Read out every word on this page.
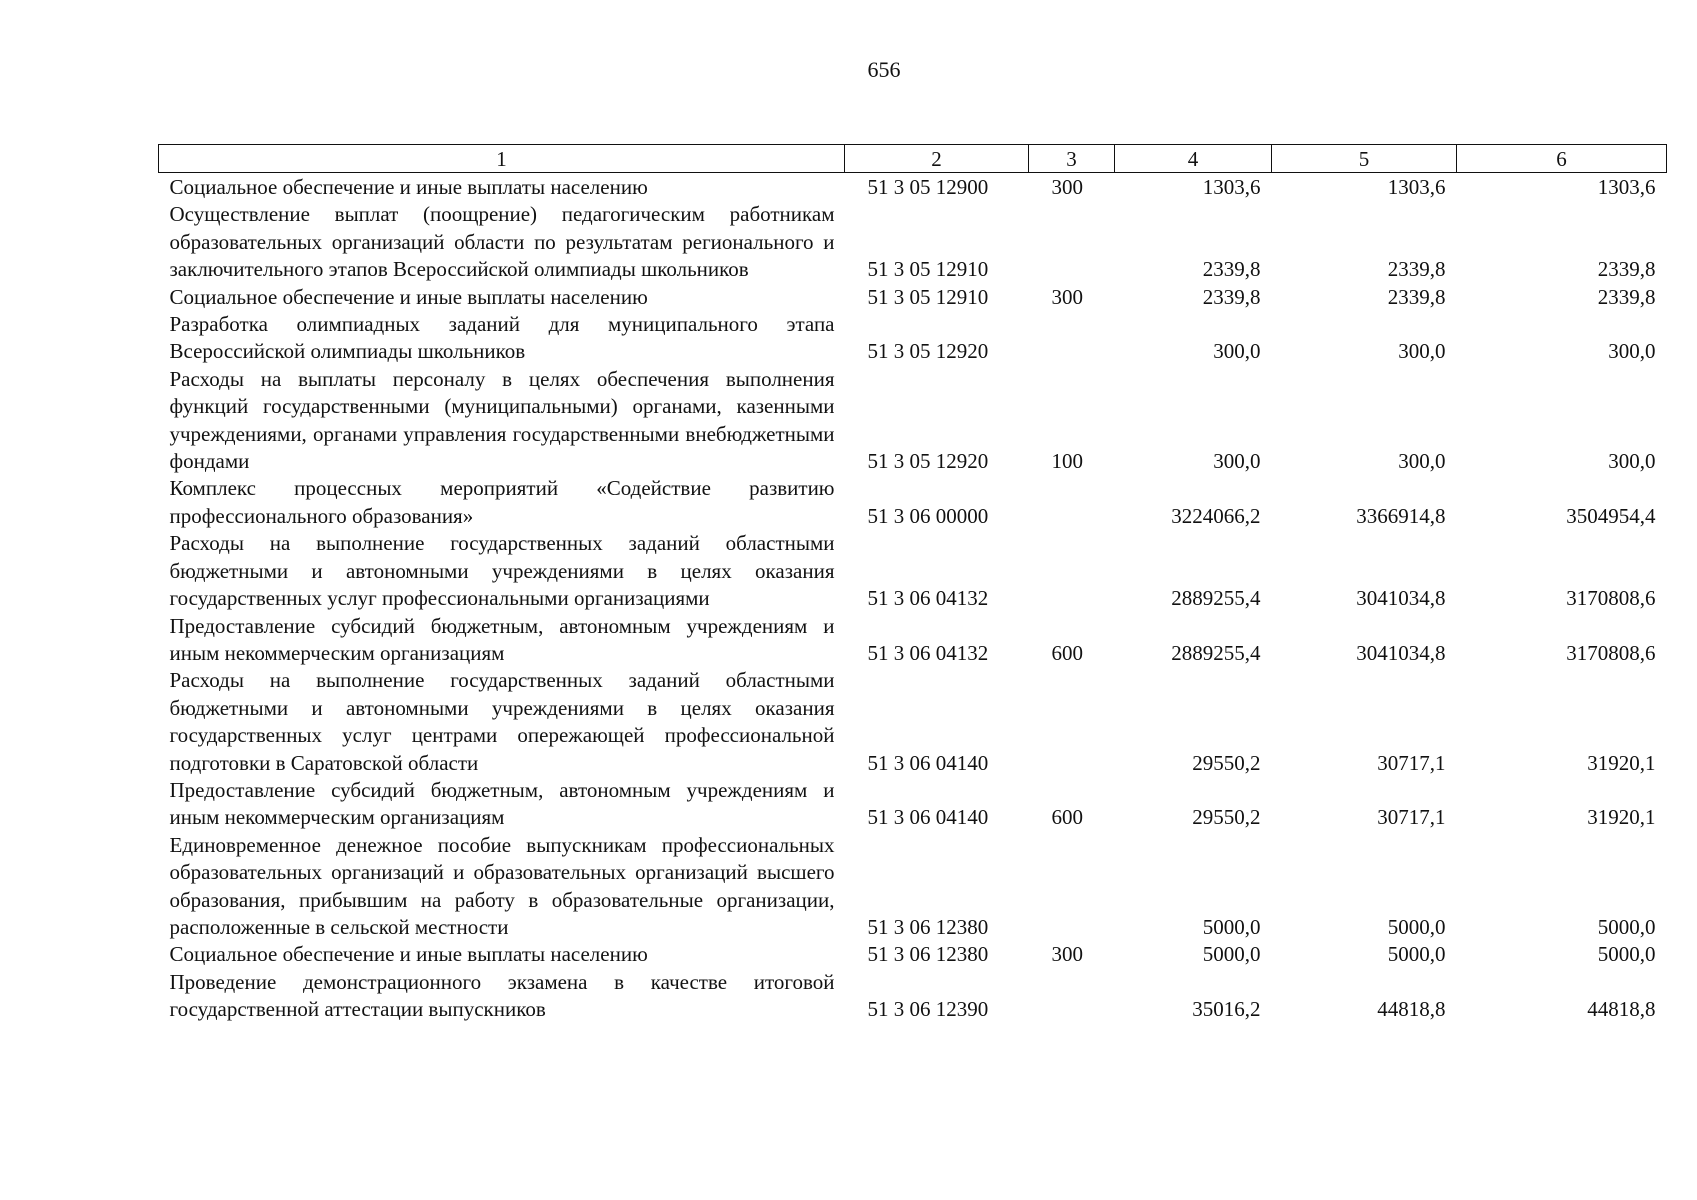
656
1	2	3	4	5	6
Социальное обеспечение и иные выплаты населению	51 3 05 12900	300	1303,6	1303,6	1303,6
Осуществление выплат (поощрение) педагогическим работникам образовательных организаций области по результатам регионального и заключительного этапов Всероссийской олимпиады школьников	51 3 05 12910		2339,8	2339,8	2339,8
Социальное обеспечение и иные выплаты населению	51 3 05 12910	300	2339,8	2339,8	2339,8
Разработка олимпиадных заданий для муниципального этапа Всероссийской олимпиады школьников	51 3 05 12920		300,0	300,0	300,0
Расходы на выплаты персоналу в целях обеспечения выполнения функций государственными (муниципальными) органами, казенными учреждениями, органами управления государственными внебюджетными фондами	51 3 05 12920	100	300,0	300,0	300,0
Комплекс процессных мероприятий «Содействие развитию профессионального образования»	51 3 06 00000		3224066,2	3366914,8	3504954,4
Расходы на выполнение государственных заданий областными бюджетными и автономными учреждениями в целях оказания государственных услуг профессиональными организациями	51 3 06 04132		2889255,4	3041034,8	3170808,6
Предоставление субсидий бюджетным, автономным учреждениям и иным некоммерческим организациям	51 3 06 04132	600	2889255,4	3041034,8	3170808,6
Расходы на выполнение государственных заданий областными бюджетными и автономными учреждениями в целях оказания государственных услуг центрами опережающей профессиональной подготовки в Саратовской области	51 3 06 04140		29550,2	30717,1	31920,1
Предоставление субсидий бюджетным, автономным учреждениям и иным некоммерческим организациям	51 3 06 04140	600	29550,2	30717,1	31920,1
Единовременное денежное пособие выпускникам профессиональных образовательных организаций и образовательных организаций высшего образования, прибывшим на работу в образовательные организации, расположенные в сельской местности	51 3 06 12380		5000,0	5000,0	5000,0
Социальное обеспечение и иные выплаты населению	51 3 06 12380	300	5000,0	5000,0	5000,0
Проведение демонстрационного экзамена в качестве итоговой государственной аттестации выпускников	51 3 06 12390		35016,2	44818,8	44818,8
